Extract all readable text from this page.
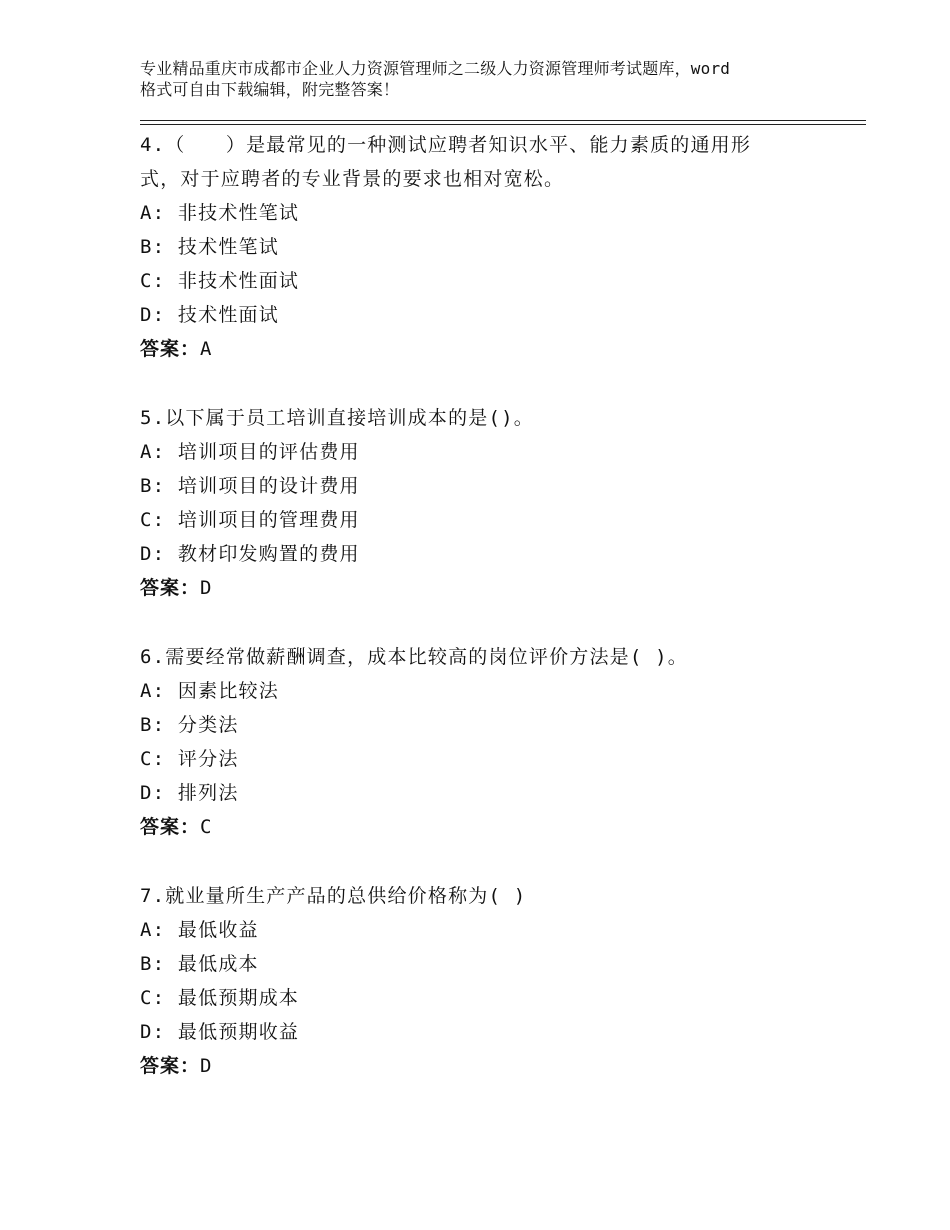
专业精品重庆市成都市企业人力资源管理师之二级人力资源管理师考试题库，word
格式可自由下载编辑，附完整答案！
4.（　　）是最常见的一种测试应聘者知识水平、能力素质的通用形
式，对于应聘者的专业背景的要求也相对宽松。
A: 非技术性笔试
B: 技术性笔试
C: 非技术性面试
D: 技术性面试
答案：A
5.以下属于员工培训直接培训成本的是()。
A: 培训项目的评估费用
B: 培训项目的设计费用
C: 培训项目的管理费用
D: 教材印发购置的费用
答案：D
6.需要经常做薪酬调查，成本比较高的岗位评价方法是( )。
A: 因素比较法
B: 分类法
C: 评分法
D: 排列法
答案：C
7.就业量所生产产品的总供给价格称为( )
A: 最低收益
B: 最低成本
C: 最低预期成本
D: 最低预期收益
答案：D
